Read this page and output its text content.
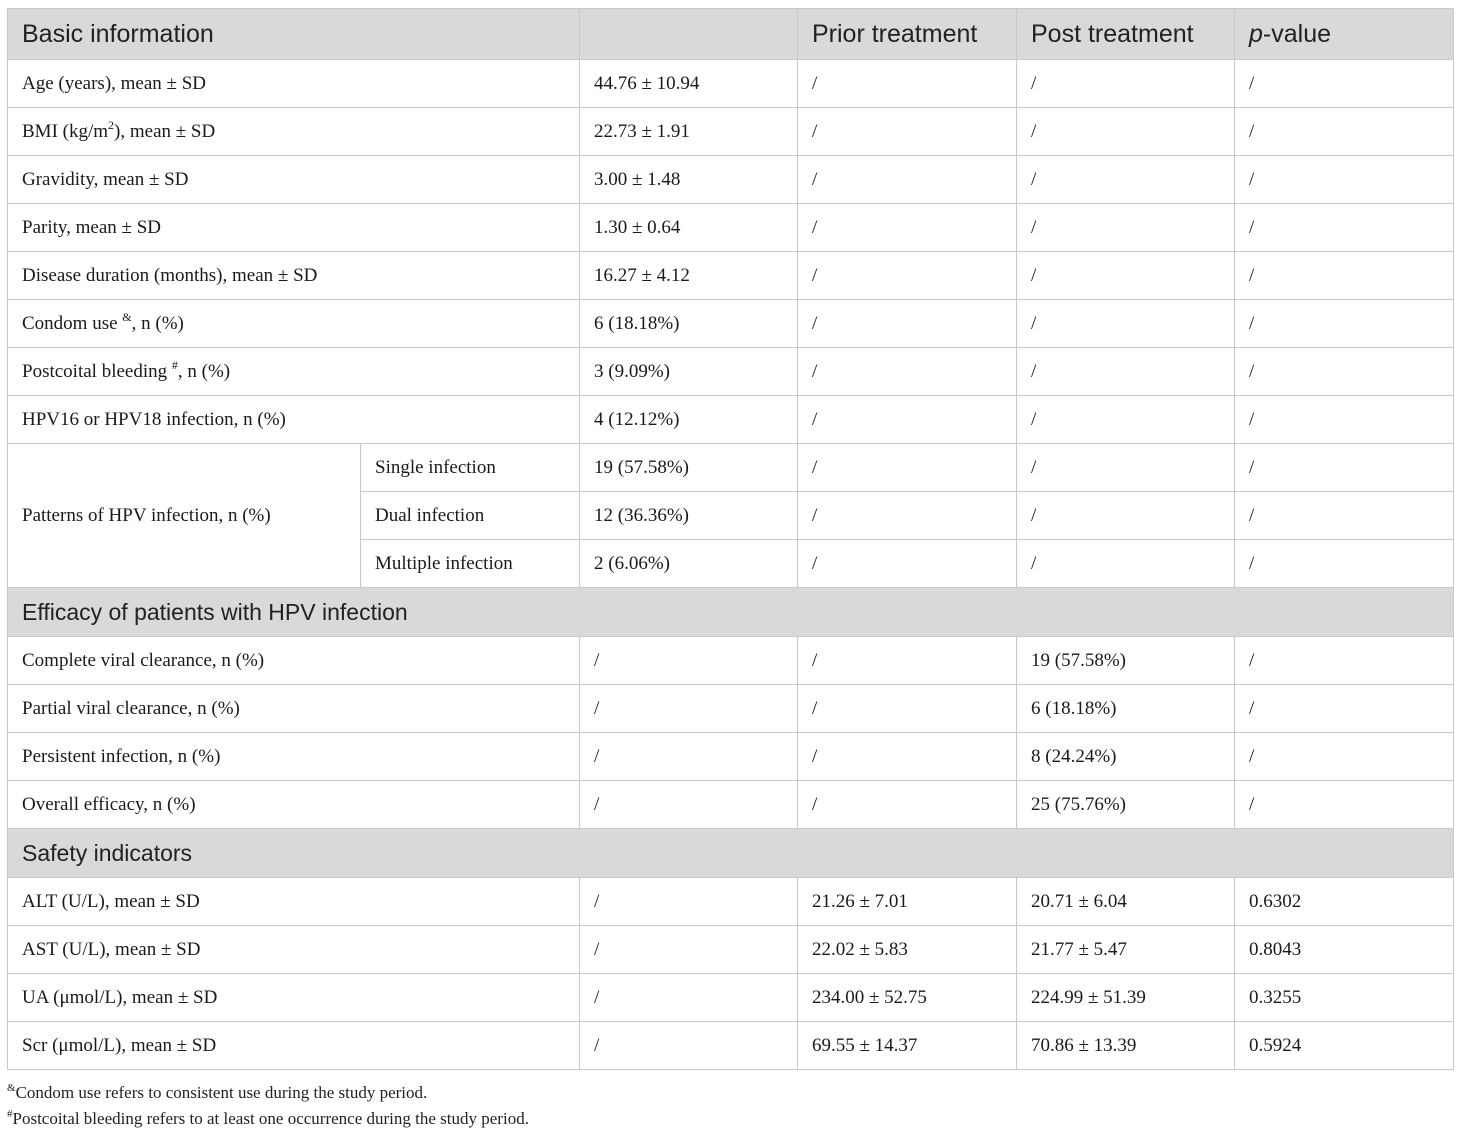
Basic information			Prior treatment	Post treatment	p-value
Age (years), mean ± SD		44.76 ± 10.94	/	/	/
BMI $(kg/m^2)$, mean ± SD		22.73 ± 1.91	/	/	/
Gravidity, mean ± SD		3.00 ± 1.48	/	/	/
Parity, mean ± SD		1.30 ± 0.64	/	/	/
Disease duration (months), mean ± SD		16.27 ± 4.12	/	/	/
Condom use &, n (%)		6 (18.18%)	/	/	/
Postcoital bleeding #, n (%)		3 (9.09%)	/	/	/
HPV16 or HPV18 infection, n (%)		4 (12.12%)	/	/	/
Patterns of HPV infection, n (%)	Single infection	19 (57.58%)	/	/	/
	Dual infection	12 (36.36%)	/	/	/
	Multiple infection	2 (6.06%)	/	/	/
Efficacy of patients with HPV infection					
Complete viral clearance, n (%)		/	/	19 (57.58%)	/
Partial viral clearance, n (%)		/	/	6 (18.18%)	/
Persistent infection, n (%)		/	/	8 (24.24%)	/
Overall efficacy, n (%)		/	/	25 (75.76%)	/
Safety indicators					
ALT (U/L), mean ± SD		/	21.26 ± 7.01	20.71 ± 6.04	0.6302
AST (U/L), mean ± SD		/	22.02 ± 5.83	21.77 ± 5.47	0.8043
UA (μmol/L), mean ± SD		/	234.00 ± 52.75	224.99 ± 51.39	0.3255
Scr (μmol/L), mean ± SD		/	69.55 ± 14.37	70.86 ± 13.39	0.5924
&Condom use refers to consistent use during the study period.
#Postcoital bleeding refers to at least one occurrence during the study period.
